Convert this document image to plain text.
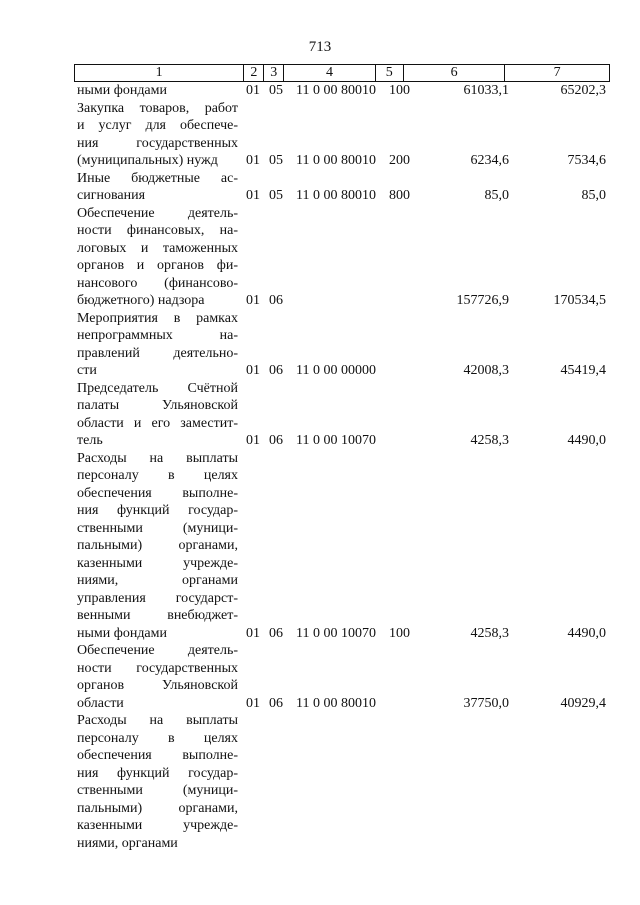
713
1	2 3	4	5	6	7
ными фондами	01 05 11 0 00 80010 100	61033,1	65202,3
Закупка товаров, работ
и услуг для обеспече-
ния государственных
(муниципальных) нужд	01 05 11 0 00 80010 200	6234,6	7534,6
Иные бюджетные ас-
сигнования	01 05 11 0 00 80010 800	85,0	85,0
Обеспечение деятель-
ности финансовых, на-
логовых и таможенных
органов и органов фи-
нансового (финансово-
бюджетного) надзора	01 06	157726,9	170534,5
Мероприятия в рамках
непрограммных на-
правлений деятельно-
сти	01 06 11 0 00 00000	42008,3	45419,4
Председатель Счётной
палаты Ульяновской
области и его заместит-
тель	01 06 11 0 00 10070	4258,3	4490,0
Расходы на выплаты
персоналу в целях
обеспечения выполне-
ния функций государ-
ственными (муници-
пальными) органами,
казенными учрежде-
ниями, органами
управления государст-
венными внебюджет-
ными фондами	01 06 11 0 00 10070 100	4258,3	4490,0
Обеспечение деятель-
ности государственных
органов Ульяновской
области	01 06 11 0 00 80010	37750,0	40929,4
Расходы на выплаты
персоналу в целях
обеспечения выполне-
ния функций государ-
ственными (муници-
пальными) органами,
казенными учрежде-
ниями, органами
